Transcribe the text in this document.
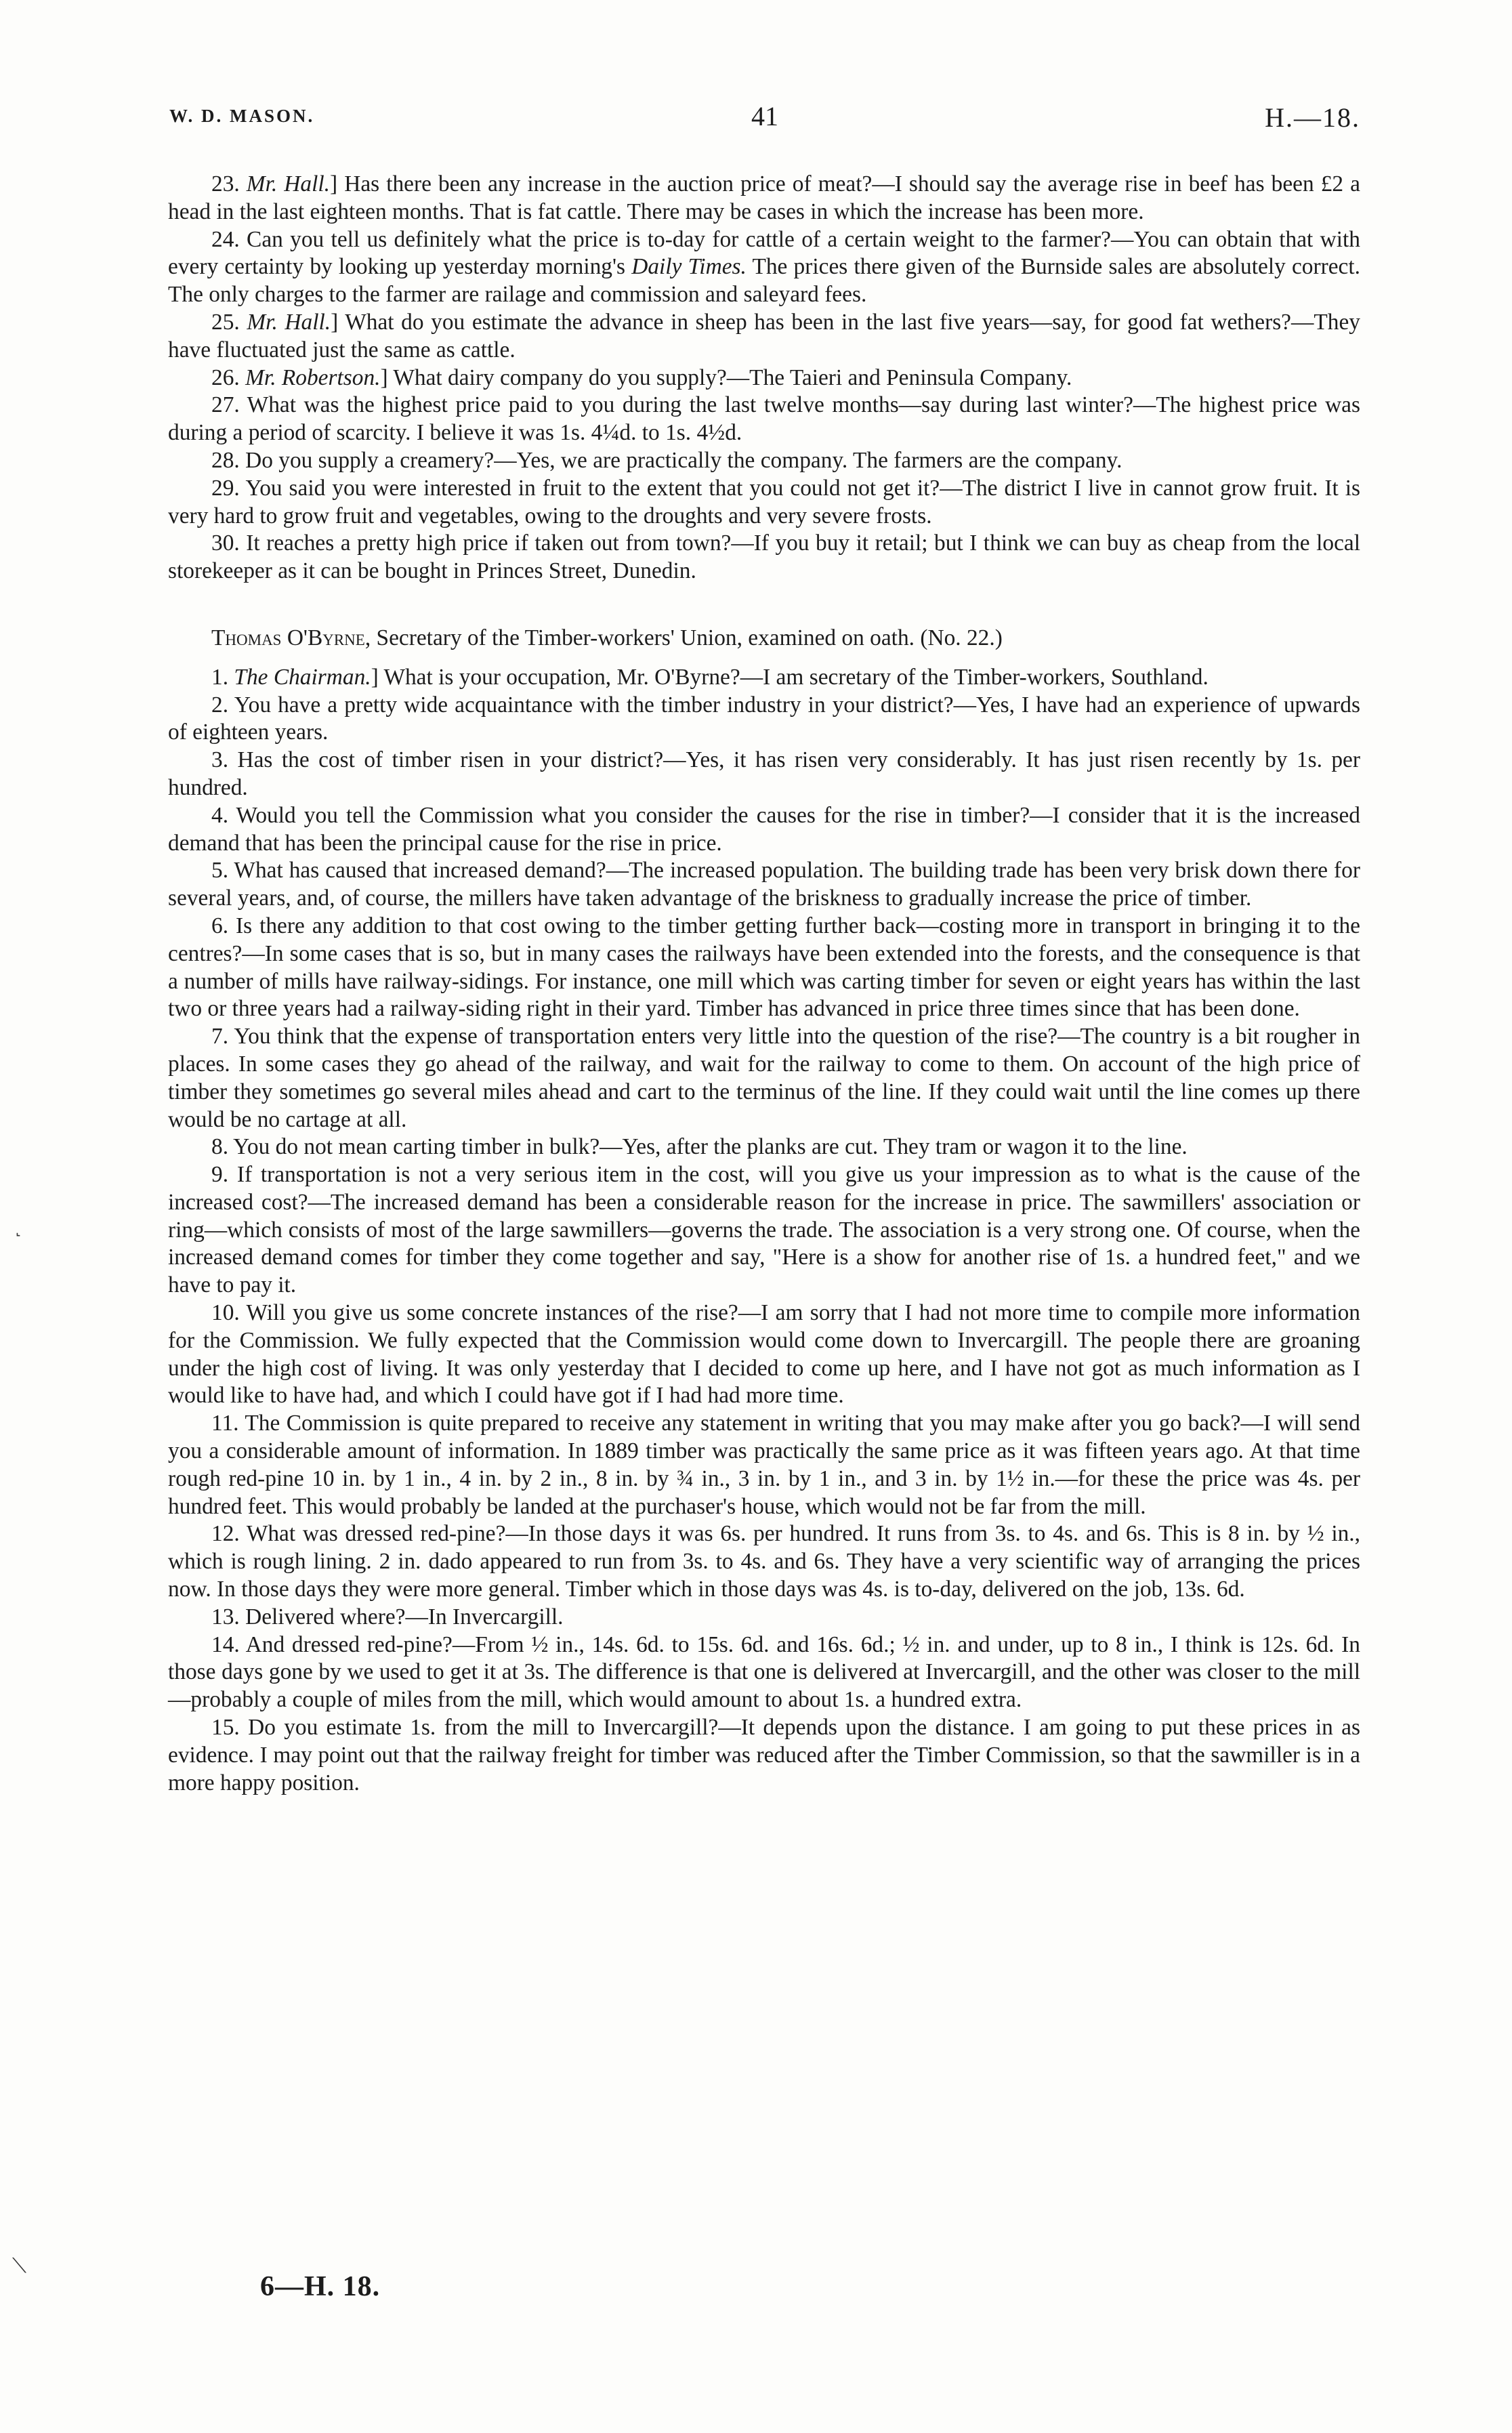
W. D. MASON.	41	H.—18.

23. Mr. Hall.] Has there been any increase in the auction price of meat?—I should say the average rise in beef has been £2 a head in the last eighteen months. That is fat cattle. There may be cases in which the increase has been more.

24. Can you tell us definitely what the price is to-day for cattle of a certain weight to the farmer?—You can obtain that with every certainty by looking up yesterday morning's Daily Times. The prices there given of the Burnside sales are absolutely correct. The only charges to the farmer are railage and commission and saleyard fees.

25. Mr. Hall.] What do you estimate the advance in sheep has been in the last five years—say, for good fat wethers?—They have fluctuated just the same as cattle.

26. Mr. Robertson.] What dairy company do you supply?—The Taieri and Peninsula Company.

27. What was the highest price paid to you during the last twelve months—say during last winter?—The highest price was during a period of scarcity. I believe it was 1s. 4¼d. to 1s. 4½d.

28. Do you supply a creamery?—Yes, we are practically the company. The farmers are the company.

29. You said you were interested in fruit to the extent that you could not get it?—The district I live in cannot grow fruit. It is very hard to grow fruit and vegetables, owing to the droughts and very severe frosts.

30. It reaches a pretty high price if taken out from town?—If you buy it retail; but I think we can buy as cheap from the local storekeeper as it can be bought in Princes Street, Dunedin.

Thomas O'Byrne, Secretary of the Timber-workers' Union, examined on oath. (No. 22.)

1. The Chairman.] What is your occupation, Mr. O'Byrne?—I am secretary of the Timber-workers, Southland.

2. You have a pretty wide acquaintance with the timber industry in your district?—Yes, I have had an experience of upwards of eighteen years.

3. Has the cost of timber risen in your district?—Yes, it has risen very considerably. It has just risen recently by 1s. per hundred.

4. Would you tell the Commission what you consider the causes for the rise in timber?—I consider that it is the increased demand that has been the principal cause for the rise in price.

5. What has caused that increased demand?—The increased population. The building trade has been very brisk down there for several years, and, of course, the millers have taken advantage of the briskness to gradually increase the price of timber.

6. Is there any addition to that cost owing to the timber getting further back—costing more in transport in bringing it to the centres?—In some cases that is so, but in many cases the railways have been extended into the forests, and the consequence is that a number of mills have railway-sidings. For instance, one mill which was carting timber for seven or eight years has within the last two or three years had a railway-siding right in their yard. Timber has advanced in price three times since that has been done.

7. You think that the expense of transportation enters very little into the question of the rise?—The country is a bit rougher in places. In some cases they go ahead of the railway, and wait for the railway to come to them. On account of the high price of timber they sometimes go several miles ahead and cart to the terminus of the line. If they could wait until the line comes up there would be no cartage at all.

8. You do not mean carting timber in bulk?—Yes, after the planks are cut. They tram or wagon it to the line.

9. If transportation is not a very serious item in the cost, will you give us your impression as to what is the cause of the increased cost?—The increased demand has been a considerable reason for the increase in price. The sawmillers' association or ring—which consists of most of the large sawmillers—governs the trade. The association is a very strong one. Of course, when the increased demand comes for timber they come together and say, "Here is a show for another rise of 1s. a hundred feet," and we have to pay it.

10. Will you give us some concrete instances of the rise?—I am sorry that I had not more time to compile more information for the Commission. We fully expected that the Commission would come down to Invercargill. The people there are groaning under the high cost of living. It was only yesterday that I decided to come up here, and I have not got as much information as I would like to have had, and which I could have got if I had had more time.

11. The Commission is quite prepared to receive any statement in writing that you may make after you go back?—I will send you a considerable amount of information. In 1889 timber was practically the same price as it was fifteen years ago. At that time rough red-pine 10 in. by 1 in., 4 in. by 2 in., 8 in. by ¾ in., 3 in. by 1 in., and 3 in. by 1½ in.—for these the price was 4s. per hundred feet. This would probably be landed at the purchaser's house, which would not be far from the mill.

12. What was dressed red-pine?—In those days it was 6s. per hundred. It runs from 3s. to 4s. and 6s. This is 8 in. by ½ in., which is rough lining. 2 in. dado appeared to run from 3s. to 4s. and 6s. They have a very scientific way of arranging the prices now. In those days they were more general. Timber which in those days was 4s. is to-day, delivered on the job, 13s. 6d.

13. Delivered where?—In Invercargill.

14. And dressed red-pine?—From ½ in., 14s. 6d. to 15s. 6d. and 16s. 6d.; ½ in. and under, up to 8 in., I think is 12s. 6d. In those days gone by we used to get it at 3s. The difference is that one is delivered at Invercargill, and the other was closer to the mill—probably a couple of miles from the mill, which would amount to about 1s. a hundred extra.

15. Do you estimate 1s. from the mill to Invercargill?—It depends upon the distance. I am going to put these prices in as evidence. I may point out that the railway freight for timber was reduced after the Timber Commission, so that the sawmiller is in a more happy position.

6—H. 18.
˻
⟍
